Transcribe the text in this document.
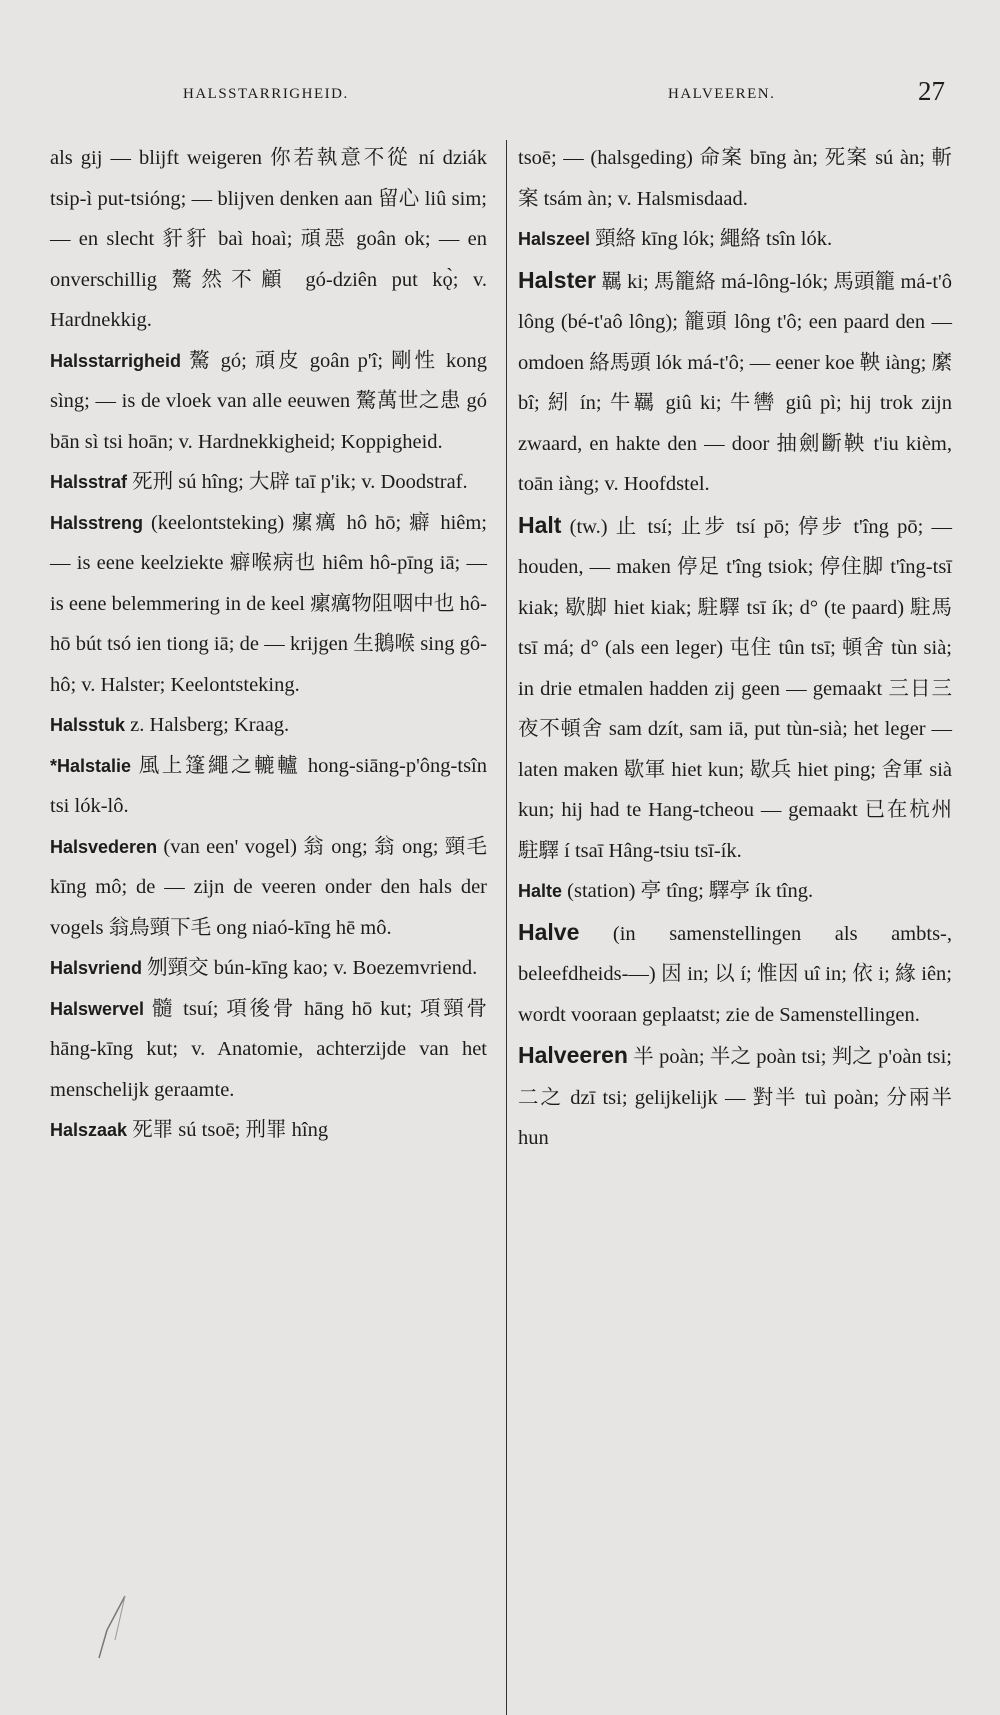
HALSSTARRIGHEID.	HALVEEREN.	27
als gij — blijft weigeren 你若執意不從 ní dziák tsip-ì put-tsióng; — blijven denken aan 留心 liû sim; — en slecht 豻豻 baì hoaì; 頑惡 goân ok; — en onverschillig 驁然不顧 gó-dziên put kǫ̀; v. Hardnekkig.
Halsstarrigheid 驁 gó; 頑皮 goân p'î; 剛性 kong sìng; — is de vloek van alle eeuwen 驁萬世之患 gó bān sì tsi hoān; v. Hardnekkigheid; Koppigheid.
Halsstraf 死刑 sú hîng; 大辟 taī p'ik; v. Doodstraf.
Halsstreng (keelontsteking) 瘰癘 hô hō; 癖 hiêm; — is eene keelziekte 癖喉病也 hiêm hô-pīng iā; — is eene belemmering in de keel 瘰癘物阻咽中也 hô-hō bút tsó ien tiong iā; de — krijgen 生鵝喉 sing gô-hô; v. Halster; Keelontsteking.
Halsstuk z. Halsberg; Kraag.
*Halstalie 風上篷繩之轆轤 hong-siāng-p'ông-tsîn tsi lók-lô.
Halsvederen (van een' vogel) 翁 ong; 翁 ong; 頸毛 kīng mô; de — zijn de veeren onder den hals der vogels 翁鳥頸下毛 ong niaó-kīng hē mô.
Halsvriend 刎頸交 bún-kīng kao; v. Boezemvriend.
Halswervel 髓 tsuí; 項後骨 hāng hō kut; 項頸骨 hāng-kīng kut; v. Anatomie, achterzijde van het menschelijk geraamte.
Halszaak 死罪 sú tsoē; 刑罪 hîng
tsoē; — (halsgeding) 命案 bīng àn; 死案 sú àn; 斬案 tsám àn; v. Halsmisdaad.
Halszeel 頸絡 kīng lók; 繩絡 tsîn lók.
Halster 羈 ki; 馬籠絡 má-lông-lók; 馬頭籠 má-t'ô lông (bé-t'aô lông); 籠頭 lông t'ô; een paard den — omdoen 絡馬頭 lók má-t'ô; — eener koe 鞅 iàng; 縻 bî; 紖 ín; 牛羈 giû ki; 牛轡 giû pì; hij trok zijn zwaard, en hakte den — door 抽劍斷鞅 t'iu kièm, toān iàng; v. Hoofdstel.
Halt (tw.) 止 tsí; 止步 tsí pō; 停步 t'îng pō; — houden, — maken 停足 t'îng tsiok; 停住脚 t'îng-tsī kiak; 歇脚 hiet kiak; 駐驛 tsī ík; d° (te paard) 駐馬 tsī má; d° (als een leger) 屯住 tûn tsī; 頓舍 tùn sià; in drie etmalen hadden zij geen — gemaakt 三日三夜不頓舍 sam dzít, sam iā, put tùn-sià; het leger — laten maken 歇軍 hiet kun; 歇兵 hiet ping; 舍軍 sià kun; hij had te Hang-tcheou — gemaakt 已在杭州駐驛 í tsaī Hâng-tsiu tsī-ík.
Halte (station) 亭 tîng; 驛亭 ík tîng.
Halve (in samenstellingen als ambts-, beleefdheids-—) 因 in; 以 í; 惟因 uî in; 依 i; 緣 iên; wordt vooraan geplaatst; zie de Samenstellingen.
Halveeren 半 poàn; 半之 poàn tsi; 判之 p'oàn tsi; 二之 dzī tsi; gelijkelijk — 對半 tuì poàn; 分兩半 hun
